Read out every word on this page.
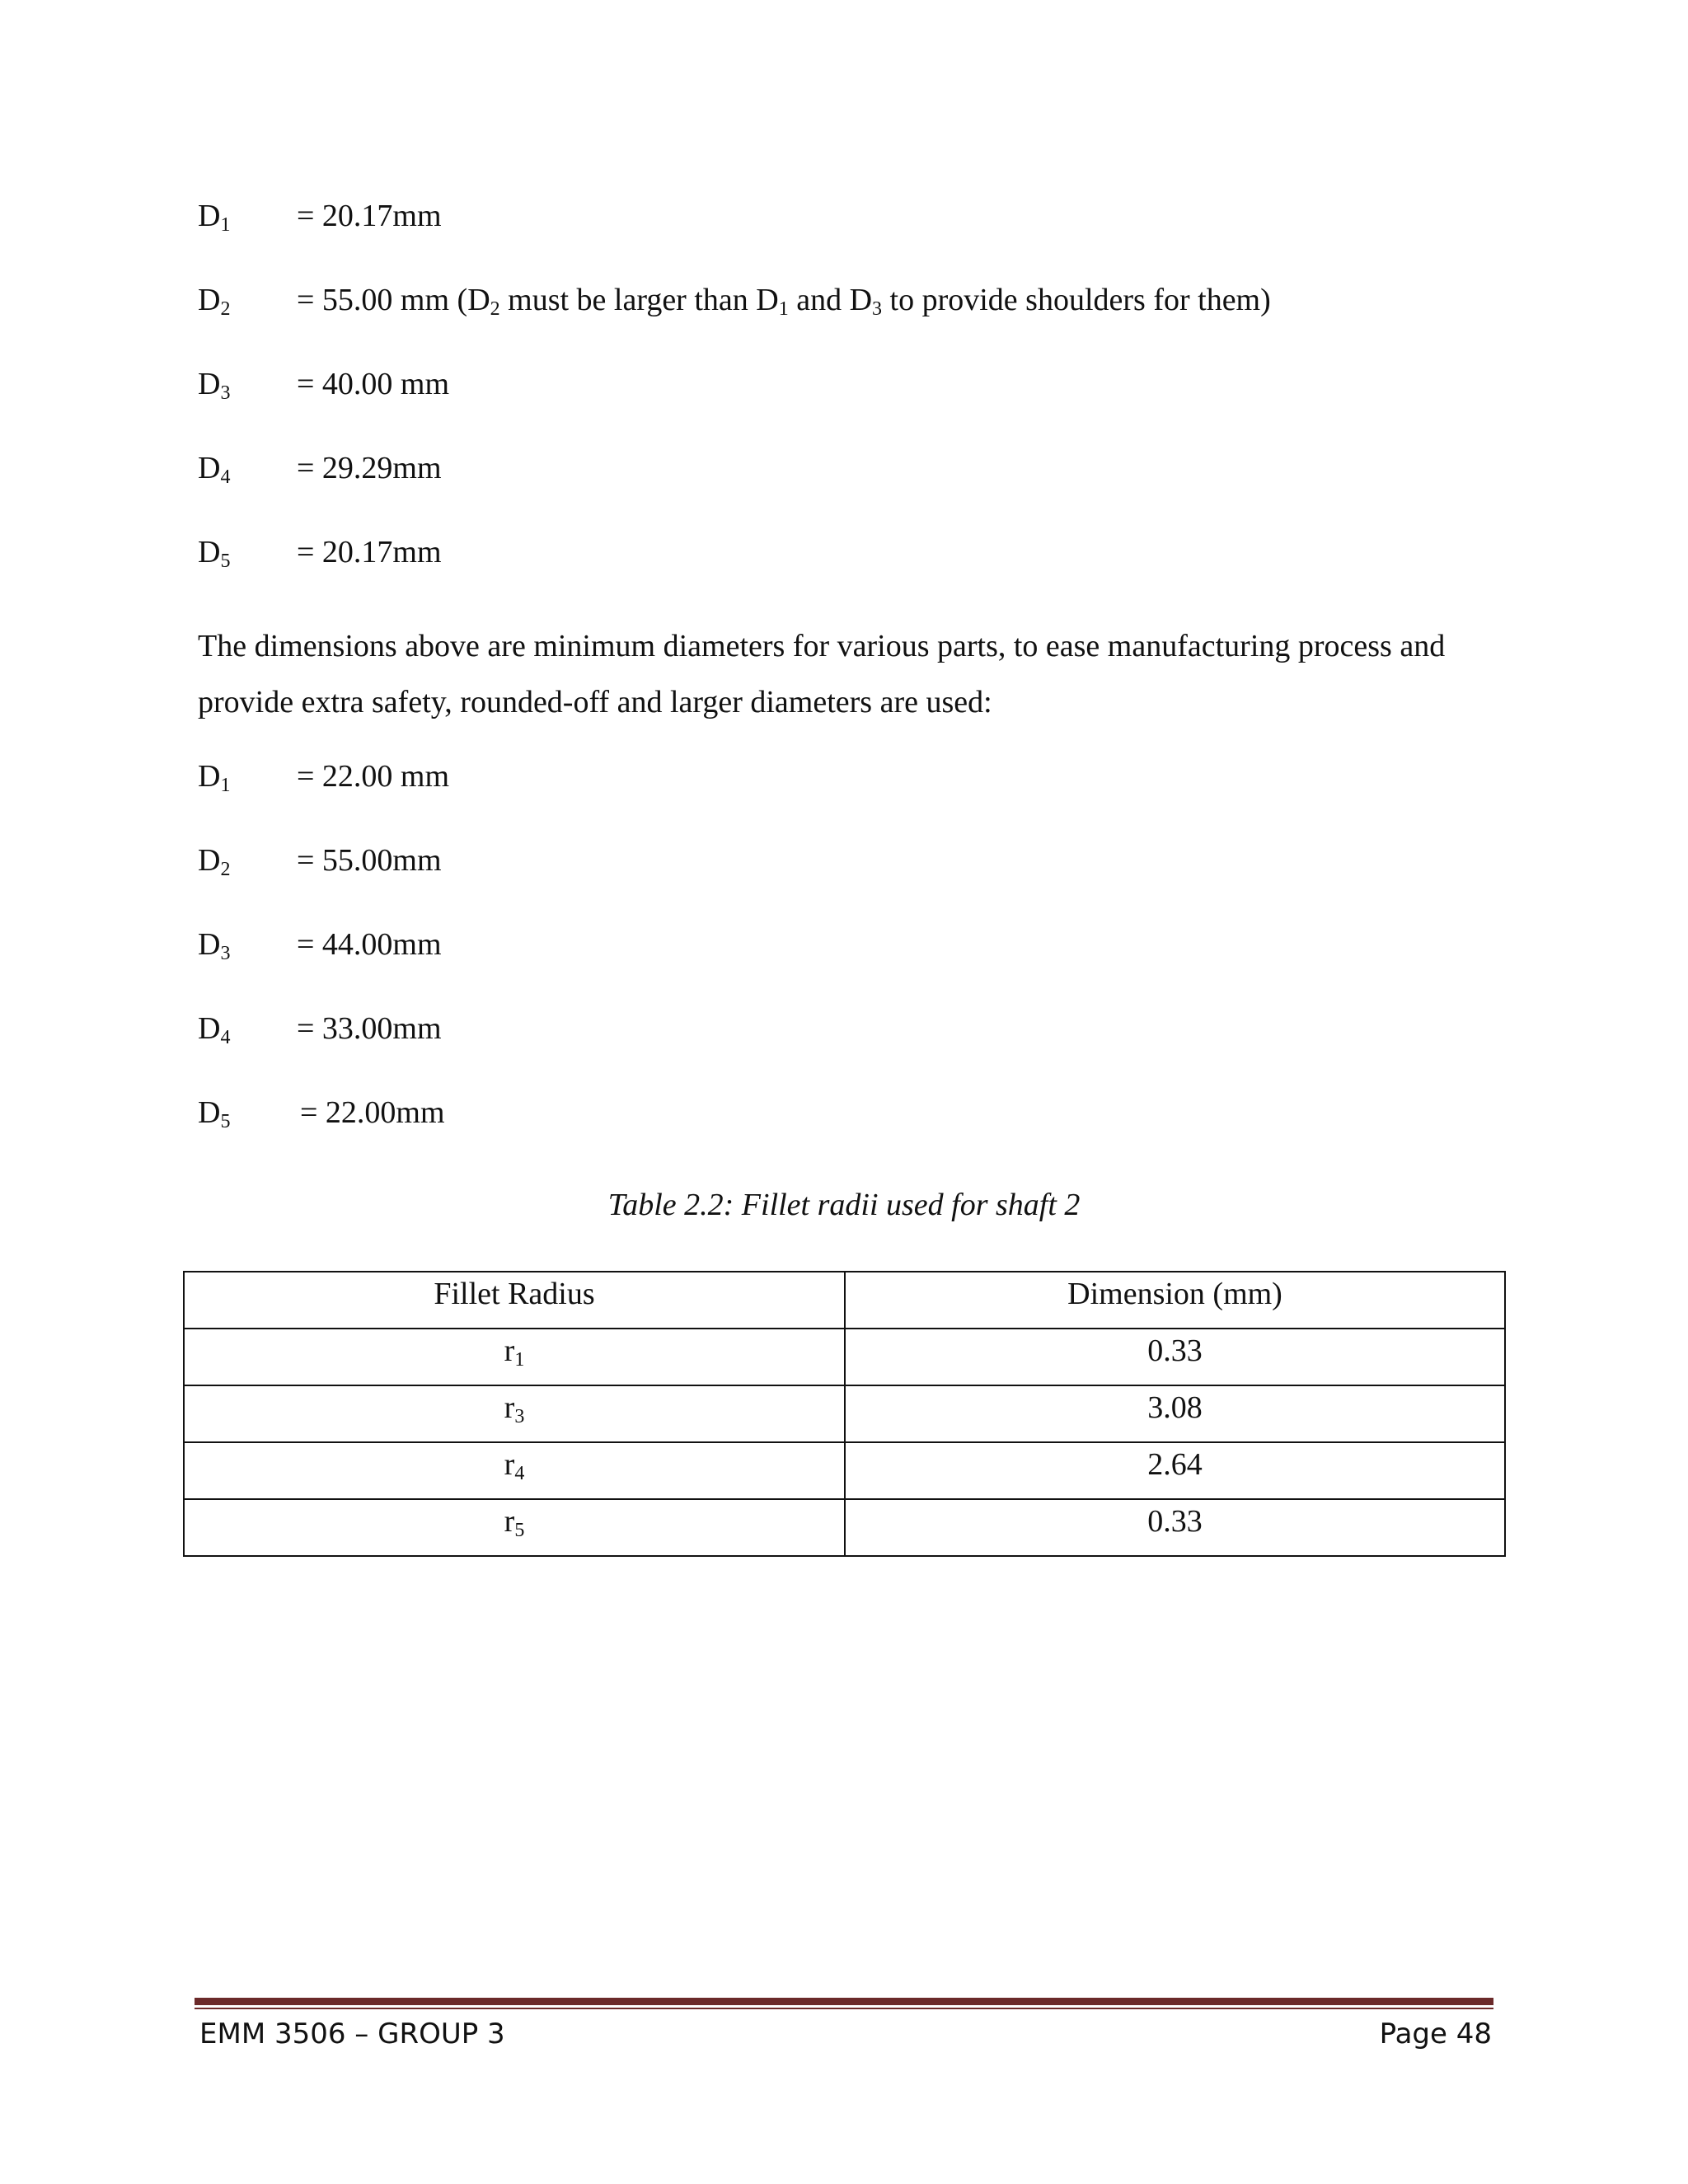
$D_1 = 20.17mm$
$D_2 = 55.00$ mm ($D_2$ must be larger than $D_1$ and $D_3$ to provide shoulders for them)
$D_3 = 40.00$ mm
$D_4 = 29.29mm$
$D_5 = 20.17mm$
The dimensions above are minimum diameters for various parts, to ease manufacturing process and provide extra safety, rounded-off and larger diameters are used:
$D_1 = 22.00$ mm
$D_2 = 55.00mm$
$D_3 = 44.00mm$
$D_4 = 33.00mm$
$D_5 = 22.00mm$
Table 2.2: Fillet radii used for shaft 2
Fillet Radius	Dimension (mm)
$r_1$	0.33
$r_3$	3.08
$r_4$	2.64
$r_5$	0.33
EMM 3506 – GROUP 3	Page 48
